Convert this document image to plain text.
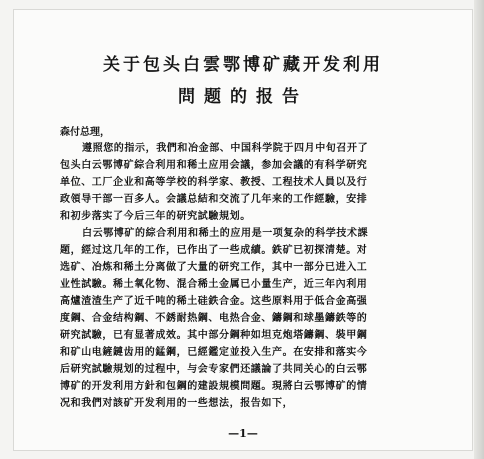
关于包头白雲鄂博矿藏开发利用
問题的报告
森付总理，
遵照您的指示，我們和冶金部、中国科学院于四月中旬召开了
包头白云鄂博矿綜合利用和稀土应用会議，参加会議的有科学研究
单位、工厂企业和高等学校的科学家、教授、工程技术人員以及行
政領导干部一百多人。会議总結和交流了几年来的工作經驗，安排
和初步落实了今后三年的研究試驗規划。
白云鄂博矿的綜合利用和稀土的应用是一项复杂的科学技术課
题，經过这几年的工作，已作出了一些成績。鉄矿已初探清楚。对
选矿、冶炼和稀土分离做了大量的研究工作，其中一部分已进入工
业性試驗。稀土氧化物、混合稀土金属已小量生产，近三年內利用
高爐渣渣生产了近千吨的稀土硅鉄合金。这些原料用于低合金高强
度鋼、合金结构鋼、不銹耐热鋼、电热合金、鑄鋼和球墨鑄鉄等的
研究試驗，已有显著成效。其中部分鋼种如坦克炮塔鑄鋼、裝甲鋼
和矿山电鏟鏈齿用的錳鋼，已經鑑定並投入生产。在安排和落实今
后研究試驗規划的过程中，与会专家們还議論了共同关心的白云鄂
博矿的开发利用方針和包鋼的建設規模問題。現將白云鄂博矿的情
况和我們对該矿开发利用的一些想法，报告如下，
—1—
